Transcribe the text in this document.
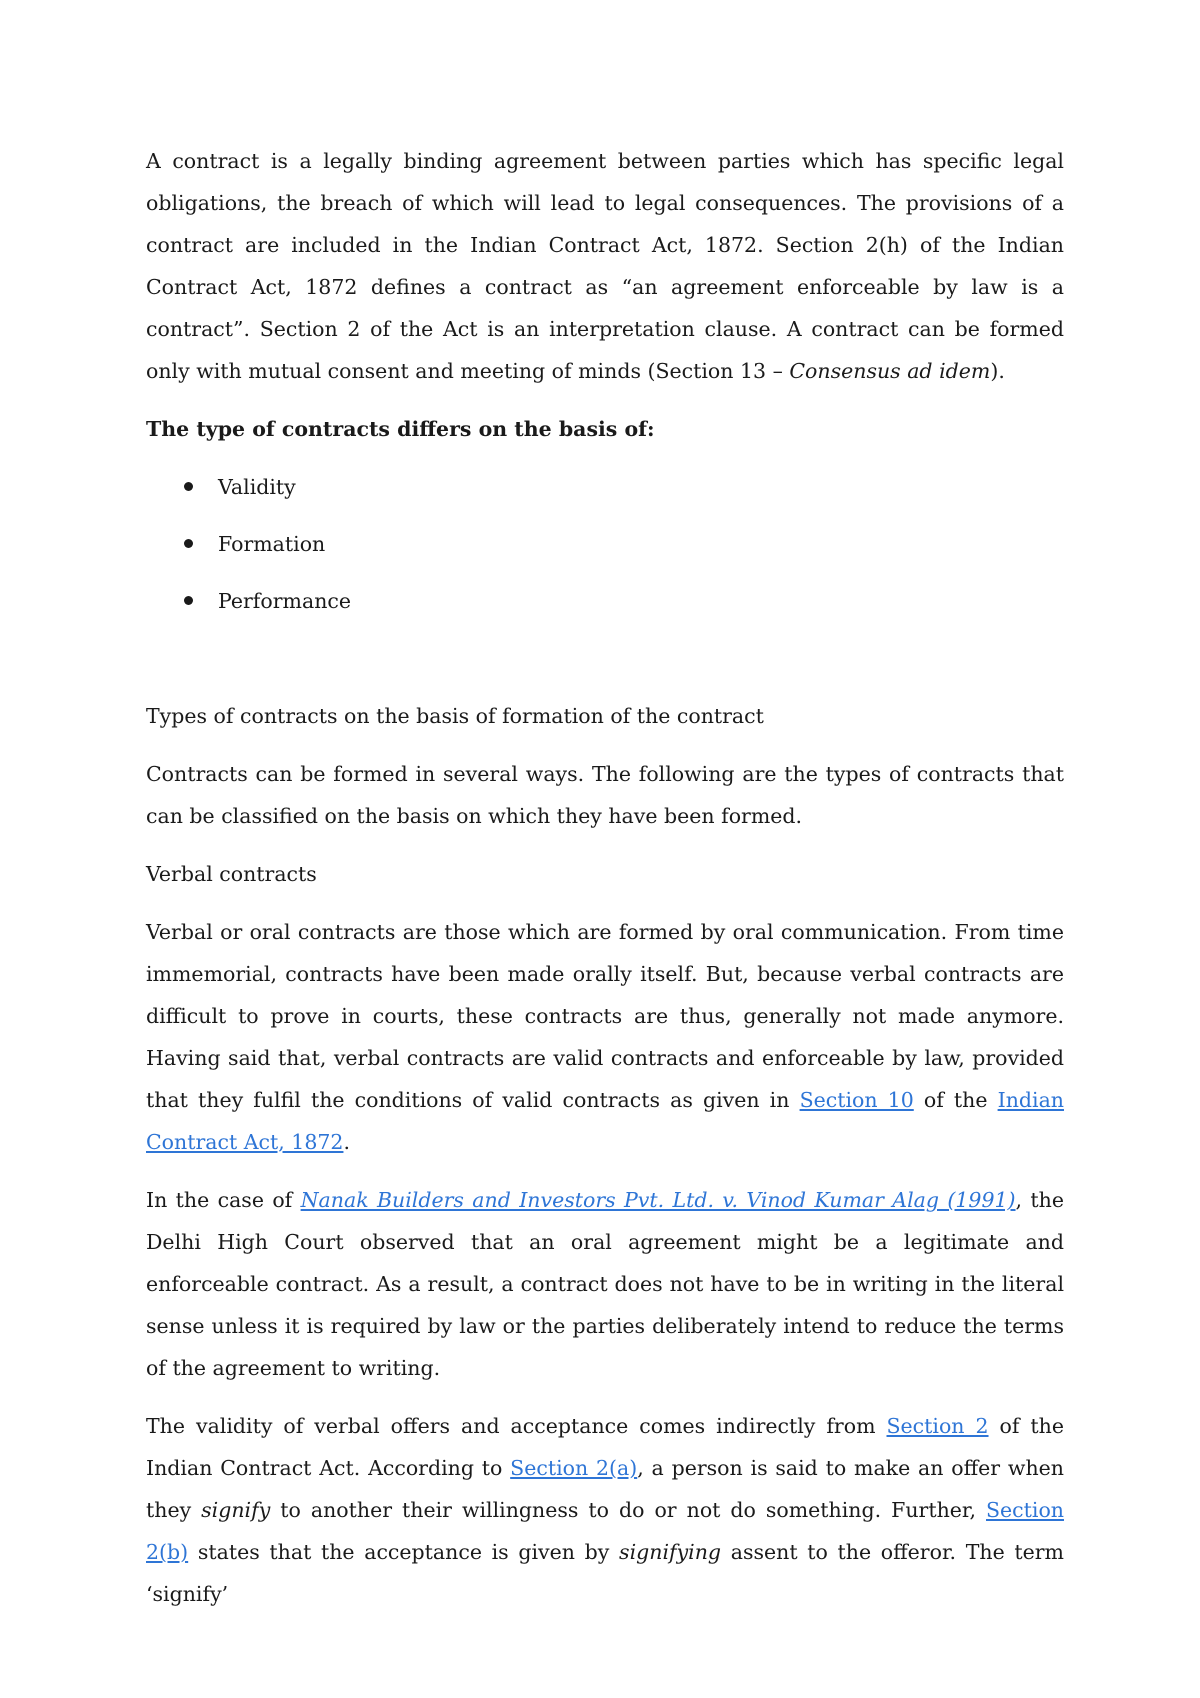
A contract is a legally binding agreement between parties which has specific legal obligations, the breach of which will lead to legal consequences. The provisions of a contract are included in the Indian Contract Act, 1872. Section 2(h) of the Indian Contract Act, 1872 defines a contract as “an agreement enforceable by law is a contract”. Section 2 of the Act is an interpretation clause. A contract can be formed only with mutual consent and meeting of minds (Section 13 – Consensus ad idem).

The type of contracts differs on the basis of:

Validity
Formation
Performance

Types of contracts on the basis of formation of the contract

Contracts can be formed in several ways. The following are the types of contracts that can be classified on the basis on which they have been formed.

Verbal contracts

Verbal or oral contracts are those which are formed by oral communication. From time immemorial, contracts have been made orally itself. But, because verbal contracts are difficult to prove in courts, these contracts are thus, generally not made anymore. Having said that, verbal contracts are valid contracts and enforceable by law, provided that they fulfil the conditions of valid contracts as given in Section 10 of the Indian Contract Act, 1872.

In the case of Nanak Builders and Investors Pvt. Ltd. v. Vinod Kumar Alag (1991), the Delhi High Court observed that an oral agreement might be a legitimate and enforceable contract. As a result, a contract does not have to be in writing in the literal sense unless it is required by law or the parties deliberately intend to reduce the terms of the agreement to writing.

The validity of verbal offers and acceptance comes indirectly from Section 2 of the Indian Contract Act. According to Section 2(a), a person is said to make an offer when they signify to another their willingness to do or not do something. Further, Section 2(b) states that the acceptance is given by signifying assent to the offeror. The term ‘signify’
